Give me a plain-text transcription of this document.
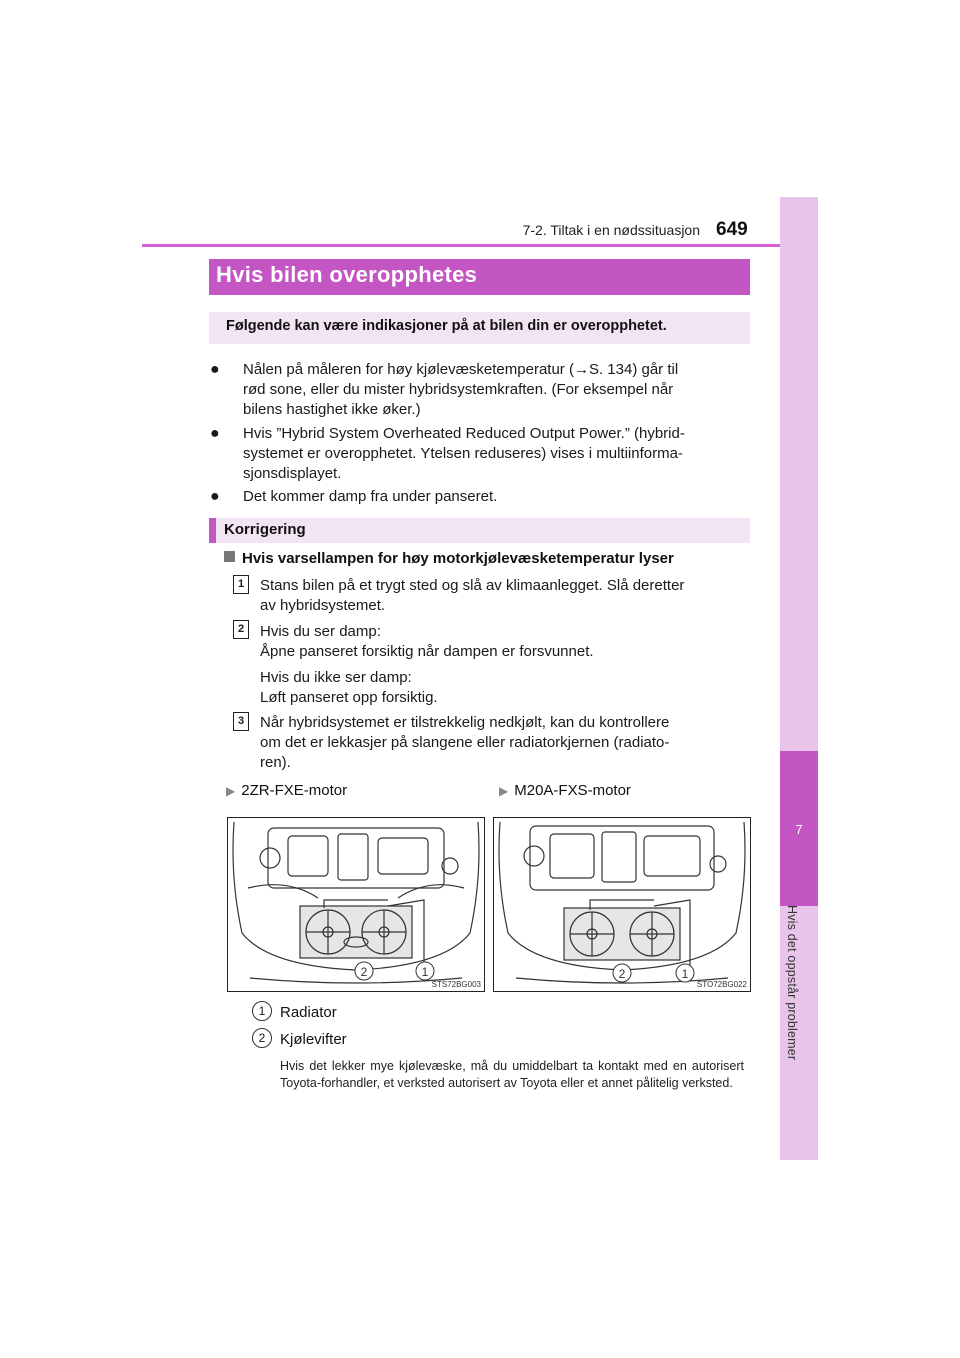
7-2. Tiltak i en nødssituasjon 649
7
Hvis det oppstår problemer
Hvis bilen overopphetes
Følgende kan være indikasjoner på at bilen din er overopphetet.
● Nålen på måleren for høy kjølevæsketemperatur (→S. 134) går til
rød sone, eller du mister hybridsystemkraften. (For eksempel når
bilens hastighet ikke øker.)
● Hvis ”Hybrid System Overheated Reduced Output Power.” (hybrid-
systemet er overopphetet. Ytelsen reduseres) vises i multiinforma-
sjonsdisplayet.
● Det kommer damp fra under panseret.
Korrigering
Hvis varsellampen for høy motorkjølevæsketemperatur lyser
1	Stans bilen på et trygt sted og slå av klimaanlegget. Slå deretter
av hybridsystemet.
2	Hvis du ser damp:
Åpne panseret forsiktig når dampen er forsvunnet.
Hvis du ikke ser damp:
Løft panseret opp forsiktig.
3	Når hybridsystemet er tilstrekkelig nedkjølt, kan du kontrollere
om det er lekkasjer på slangene eller radiatorkjernen (radiato-
ren).
▶ 2ZR-FXE-motor	▶ M20A-FXS-motor
2	1
STS72BG003
2	1
STO72BG022
1 Radiator
2 Kjølevifter
Hvis det lekker mye kjølevæske, må du umiddelbart ta kontakt med en autorisert Toyota-forhandler, et verksted autorisert av Toyota eller et annet pålitelig verksted.
